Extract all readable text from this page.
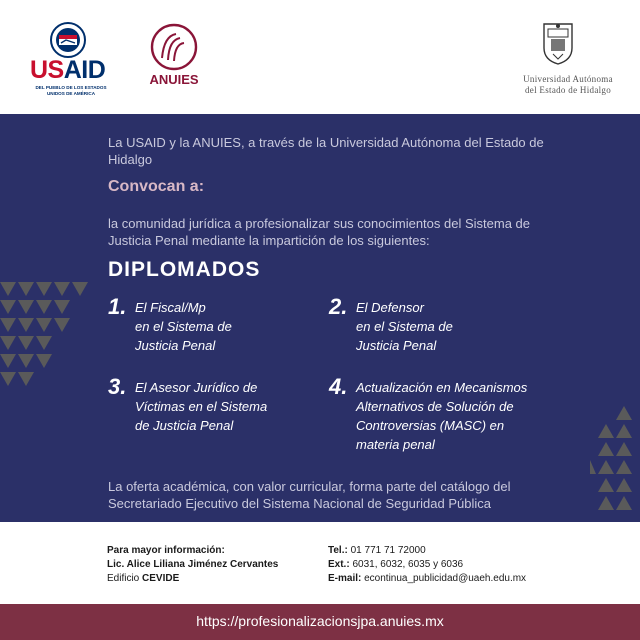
USAID
DEL PUEBLO DE LOS ESTADOS
UNIDOS DE AMÉRICA
ANUIES	Universidad Autónoma
del Estado de Hidalgo
La USAID y la ANUIES, a través de la Universidad Autónoma del Estado de Hidalgo
Convocan a:
la comunidad jurídica a profesionalizar sus conocimientos del Sistema de Justicia Penal mediante la impartición de los siguientes:
DIPLOMADOS
1. El Fiscal/Mp
en el Sistema de
Justicia Penal
2. El Defensor
en el Sistema de
Justicia Penal
3. El Asesor Jurídico de
Víctimas en el Sistema
de Justicia Penal
4. Actualización en Mecanismos
Alternativos de Solución de
Controversias (MASC) en
materia penal
La oferta académica, con valor curricular, forma parte del catálogo del Secretariado Ejecutivo del Sistema Nacional de Seguridad Pública
Para mayor información:
Lic. Alice Liliana Jiménez Cervantes
Edificio CEVIDE
Tel.: 01 771 71 72000
Ext.: 6031, 6032, 6035 y 6036
E-mail: econtinua_publicidad@uaeh.edu.mx
https://profesionalizacionsjpa.anuies.mx
